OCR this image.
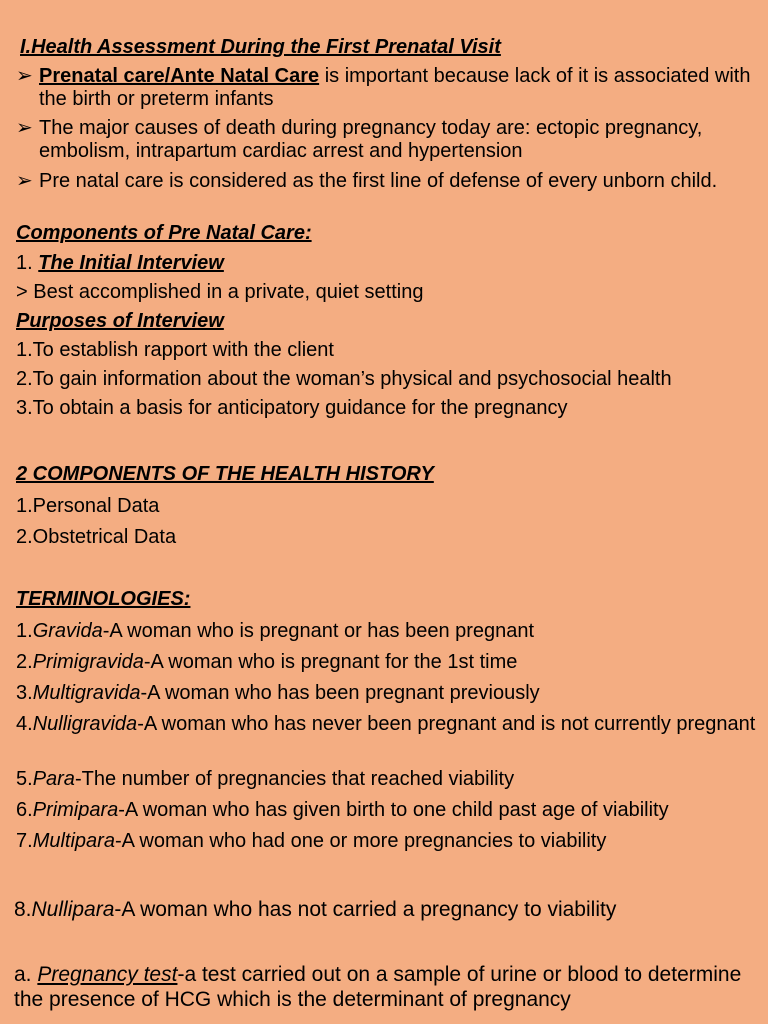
I.Health Assessment During the First Prenatal Visit
➢ Prenatal care/Ante Natal Care is important because lack of it is associated with the birth or preterm infants
➢ The major causes of death during pregnancy today are: ectopic pregnancy, embolism, intrapartum cardiac arrest and hypertension
➢ Pre natal care is considered as the first line of defense of every unborn child.
Components of Pre Natal Care:
1. The Initial Interview
> Best accomplished in a private, quiet setting
Purposes of Interview
1.To establish rapport with the client
2.To gain information about the woman’s physical and psychosocial health
3.To obtain a basis for anticipatory guidance for the pregnancy
2 COMPONENTS OF THE HEALTH HISTORY
1.Personal Data
2.Obstetrical Data
TERMINOLOGIES:
1.Gravida-A woman who is pregnant or has been pregnant
2.Primigravida-A woman who is pregnant for the 1st time
3.Multigravida-A woman who has been pregnant previously
4.Nulligravida-A woman who has never been pregnant and is not currently pregnant
5.Para-The number of pregnancies that reached viability
6.Primipara-A woman who has given birth to one child past age of viability
7.Multipara-A woman who had one or more pregnancies to viability
8.Nullipara-A woman who has not carried a pregnancy to viability
a. Pregnancy test-a test carried out on a sample of urine or blood to determine the presence of HCG which is the determinant of pregnancy
